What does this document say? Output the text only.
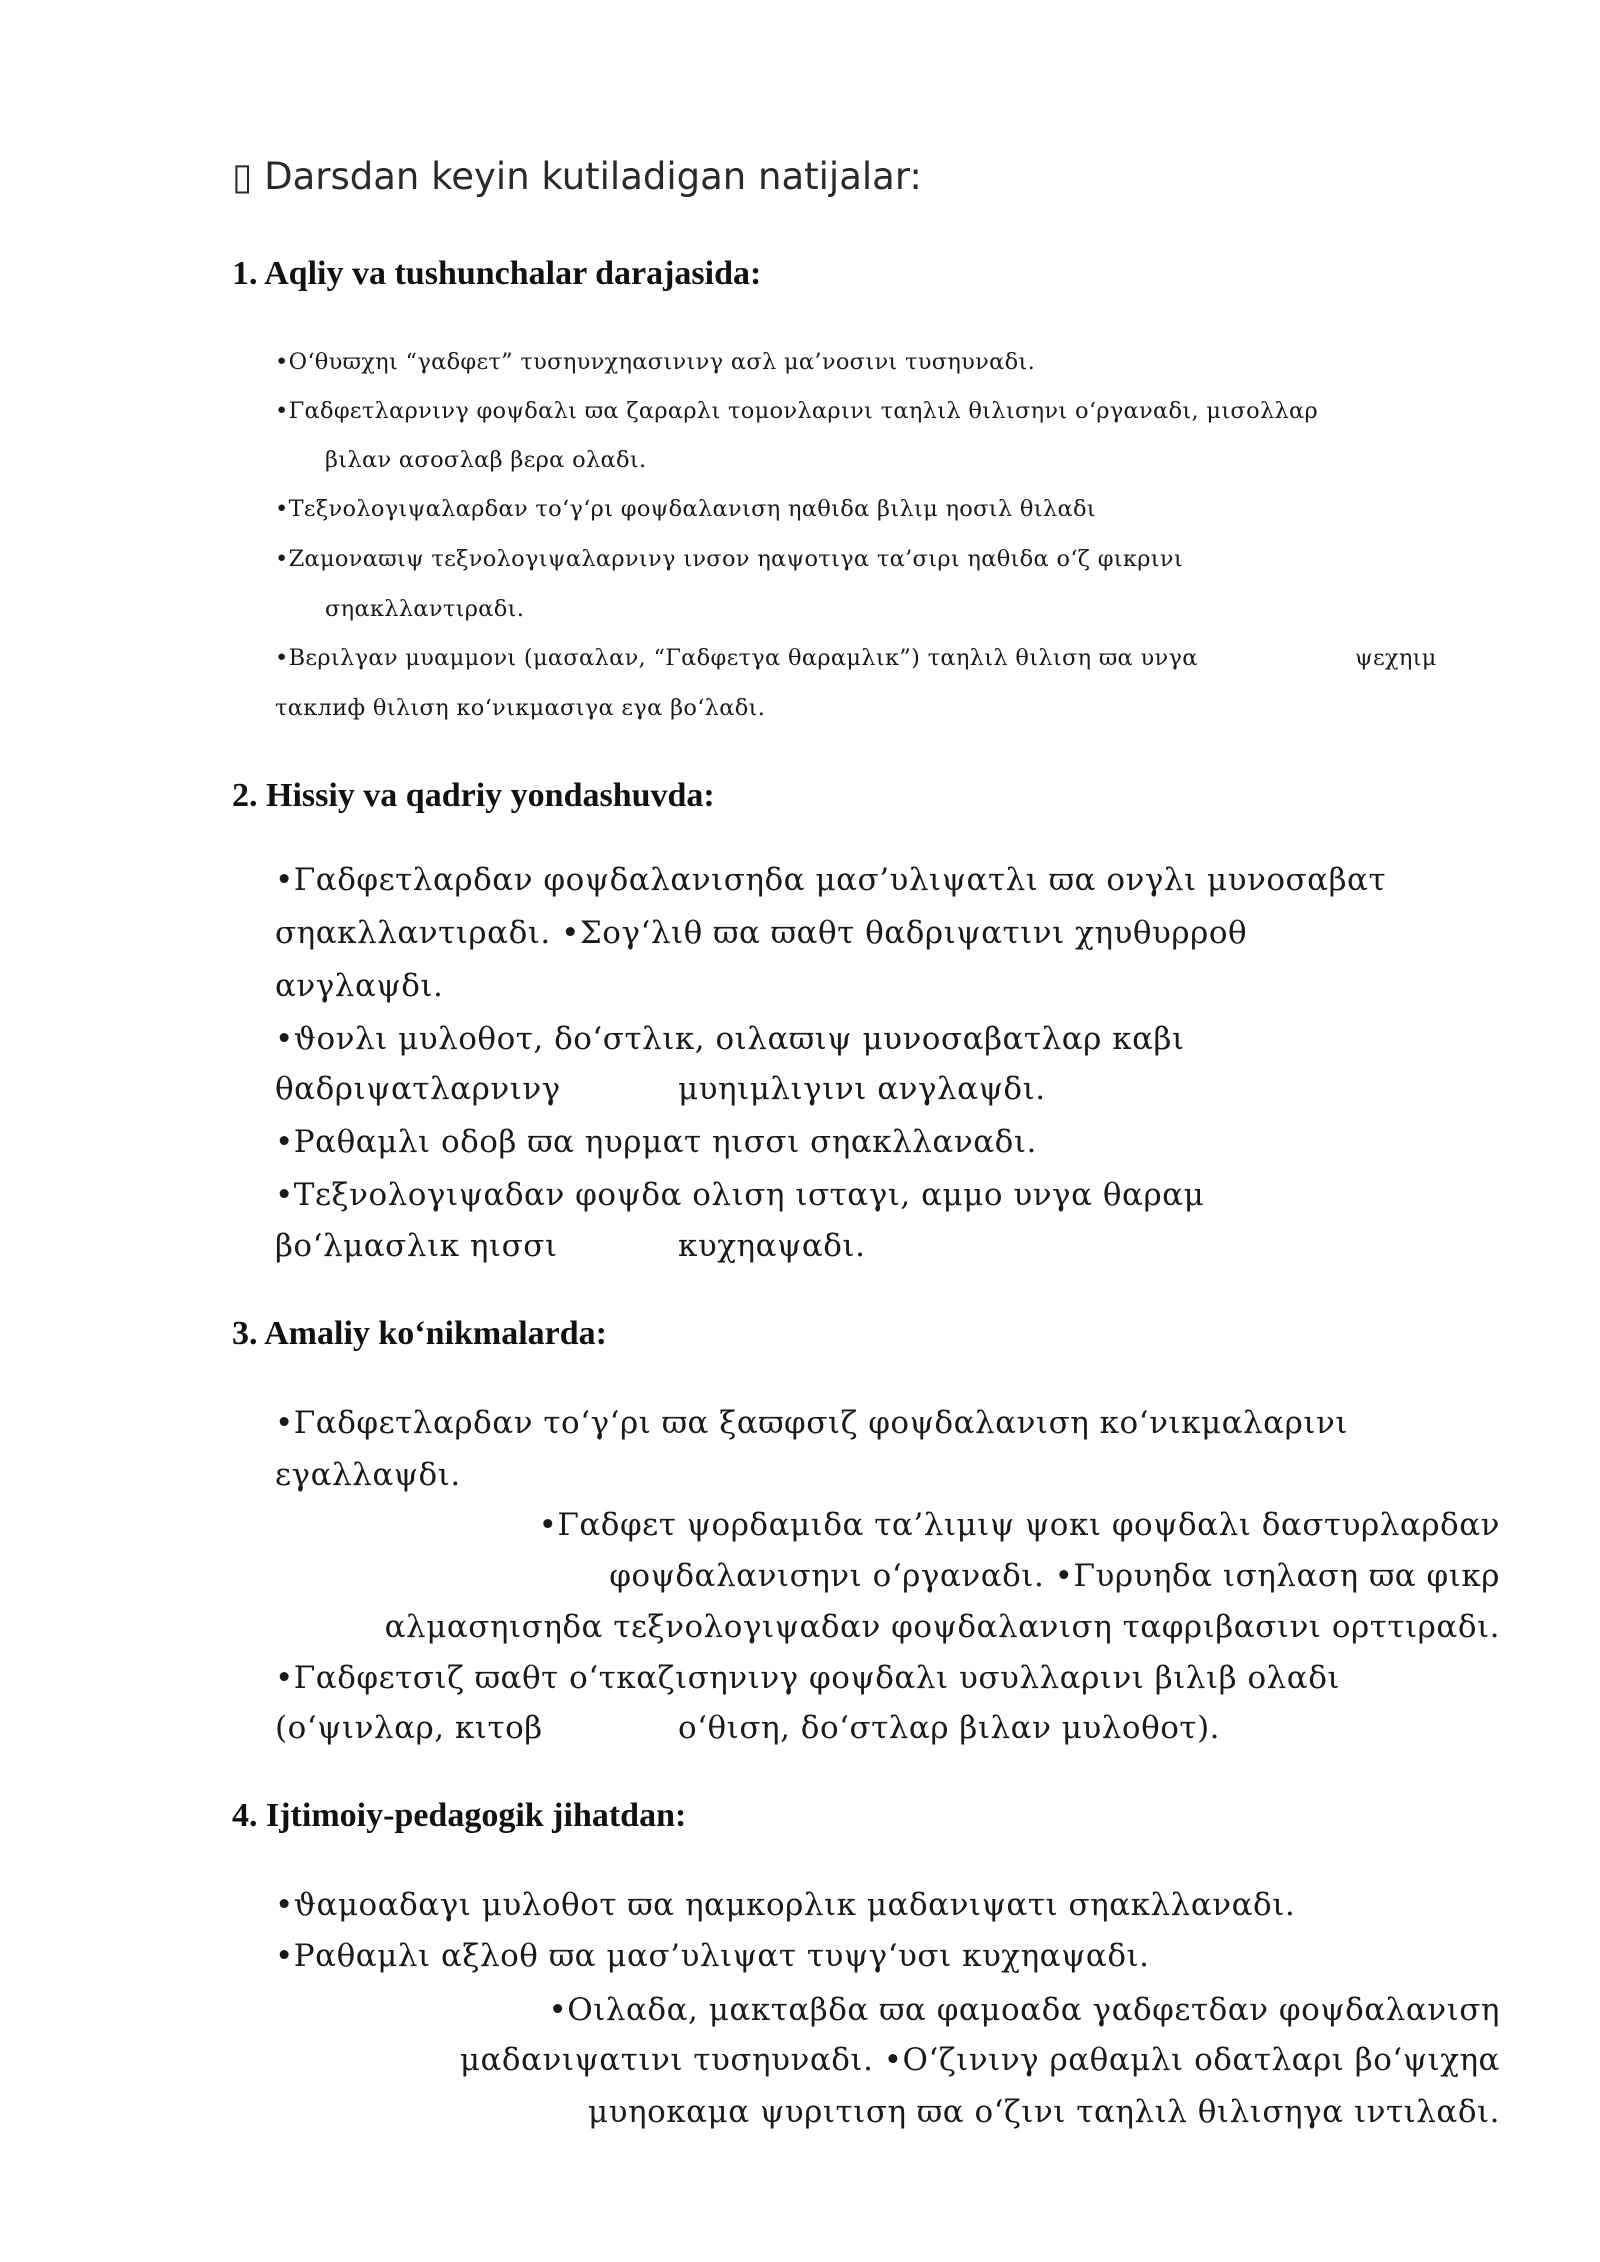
▯ Darsdan keyin kutiladigan natijalar:
1. Aqliy va tushunchalar darajasida:
•Oʻθυϖχηι “γαδφετ” τυσηυνχηασινινγ ασλ μα’νοσινι τυσηυναδι.
•Γαδφετλαρνινγ φοψδαλι ϖα ζαραρλι τομονλαρινι ταηλιλ θιλισηνι oʻργαναδι, μισολλαρ
βιλαν ασοσλαβ βερα ολαδι.
•Τεξνολογιψαλαρδαν τοʻγʻρι φοψδαλανιση ηαθιδα βιλιμ ηοσιλ θιλαδι
•Ζαμοναϖιψ τεξνολογιψαλαρνινγ ινσον ηαψοτιγα τα’σιρι ηαθιδα oʻζ φικρινι
σηακλλαντιραδι.
•Βεριλγαν μυαμμονι (μασαλαν, “Γαδφετγα θαραμλικ”) ταηλιλ θιλιση ϖα υνγα	ψεχηιμ
ταклиф θιλιση κoʻνικμασιγα εγα βoʻλαδι.
2. Hissiy va qadriy yondashuvda:
•Γαδφετλαρδαν φοψδαλανισηδα μασ’υλιψατλι ϖα ονγλι μυνοσαβατ
σηακλλαντιραδι. •Σογʻλιθ ϖα ϖαθτ θαδριψατινι χηυθυρροθ
ανγλαψδι.
•ϑονλι μυλοθοτ, δοʻστλικ, οιλαϖιψ μυνοσαβατλαρ καβι
θαδριψατλαρνινγ	μυηιμλιγινι ανγλαψδι.
•Ραθαμλι οδοβ ϖα ηυρματ ηισσι σηακλλαναδι.
•Τεξνολογιψαδαν φοψδα ολιση ισταγι, αμμο υνγα θαραμ
βoʻλμασλικ ηισσι	κυχηαψαδι.
3. Amaliy koʻnikmalarda:
•Γαδφετλαρδαν τοʻγʻρι ϖα ξαϖφσιζ φοψδαλανιση κoʻνικμαλαρινι
εγαλλαψδι.
•Γαδφετ ψορδαμιδα τα’λιμιψ ψοκι φοψδαλι δαστυρλαρδαν
φοψδαλανισηνι oʻργαναδι. •Γυρυηδα ισηλαση ϖα φικρ
αλμασηισηδα τεξνολογιψαδαν φοψδαλανιση ταφριβασινι ορττιραδι.
•Γαδφετσιζ ϖαθτ oʻτκαζισηνινγ φοψδαλι υσυλλαρινι βιλιβ ολαδι
(oʻψινλαρ, κιτοβ	oʻθιση, δοʻστλαρ βιλαν μυλοθοτ).
4. Ijtimoiy-pedagogik jihatdan:
•ϑαμοαδαγι μυλοθοτ ϖα ηαμκορλικ μαδανιψατι σηακλλαναδι.
•Ραθαμλι αξλοθ ϖα μασ’υλιψατ τυψγʻυσι κυχηαψαδι.
•Οιλαδα, μακταβδα ϖα φαμοαδα γαδφετδαν φοψδαλανιση
μαδανιψατινι τυσηυναδι. •Oʻζινινγ ραθαμλι οδατλαρι βoʻψιχηα
μυηοκαμα ψυριτιση ϖα oʻζινι ταηλιλ θιλισηγα ιντιλαδι.
